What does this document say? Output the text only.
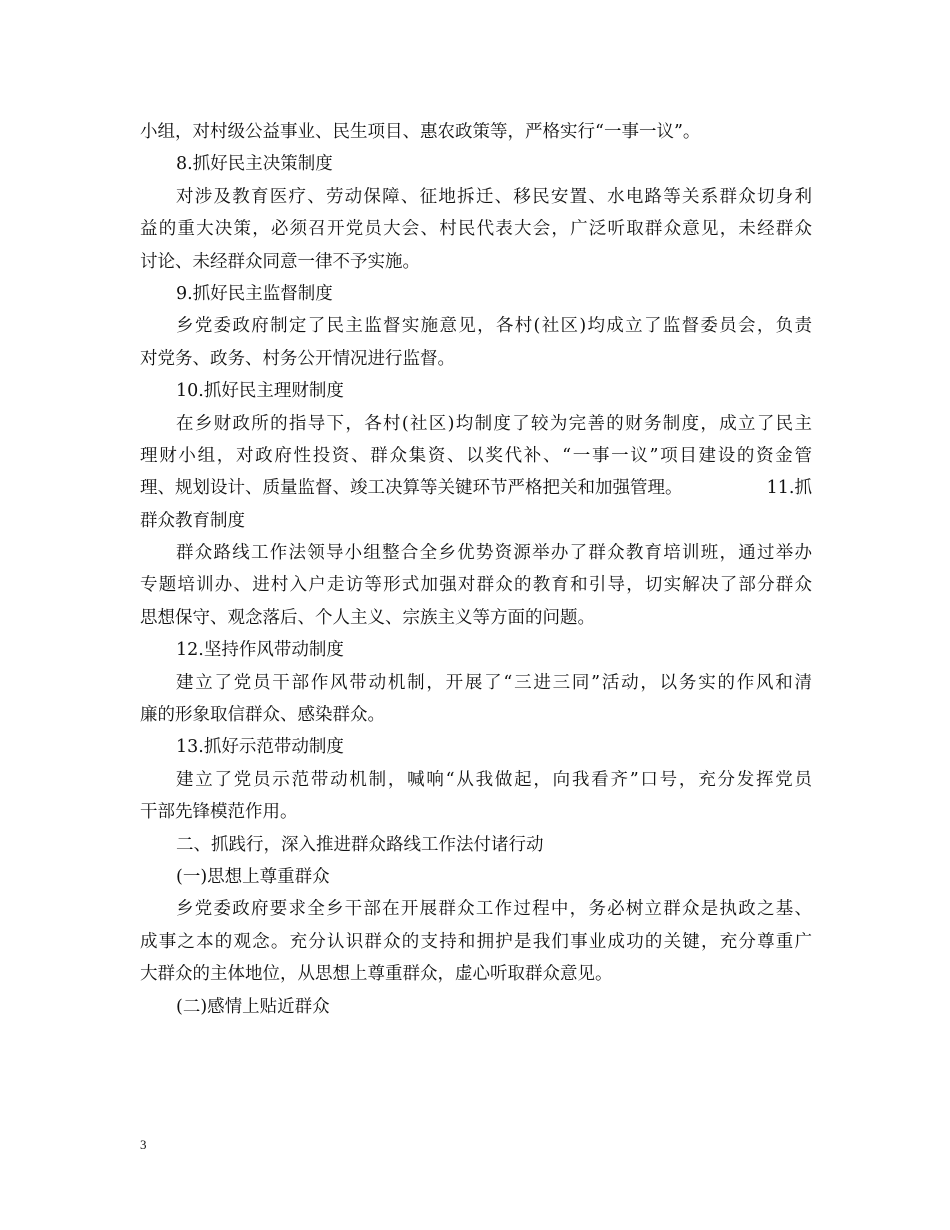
小组，对村级公益事业、民生项目、惠农政策等，严格实行“一事一议”。
8.抓好民主决策制度
对涉及教育医疗、劳动保障、征地拆迁、移民安置、水电路等关系群众切身利
益的重大决策，必须召开党员大会、村民代表大会，广泛听取群众意见，未经群众
讨论、未经群众同意一律不予实施。
9.抓好民主监督制度
乡党委政府制定了民主监督实施意见，各村(社区)均成立了监督委员会，负责
对党务、政务、村务公开情况进行监督。
10.抓好民主理财制度
在乡财政所的指导下，各村(社区)均制度了较为完善的财务制度，成立了民主
理财小组，对政府性投资、群众集资、以奖代补、“一事一议”项目建设的资金管
理、规划设计、质量监督、竣工决算等关键环节严格把关和加强管理。	11.抓
群众教育制度
群众路线工作法领导小组整合全乡优势资源举办了群众教育培训班，通过举办
专题培训办、进村入户走访等形式加强对群众的教育和引导，切实解决了部分群众
思想保守、观念落后、个人主义、宗族主义等方面的问题。
12.坚持作风带动制度
建立了党员干部作风带动机制，开展了“三进三同”活动，以务实的作风和清
廉的形象取信群众、感染群众。
13.抓好示范带动制度
建立了党员示范带动机制，喊响“从我做起，向我看齐”口号，充分发挥党员
干部先锋模范作用。
二、抓践行，深入推进群众路线工作法付诸行动
(一)思想上尊重群众
乡党委政府要求全乡干部在开展群众工作过程中，务必树立群众是执政之基、
成事之本的观念。充分认识群众的支持和拥护是我们事业成功的关键，充分尊重广
大群众的主体地位，从思想上尊重群众，虚心听取群众意见。
(二)感情上贴近群众
3
